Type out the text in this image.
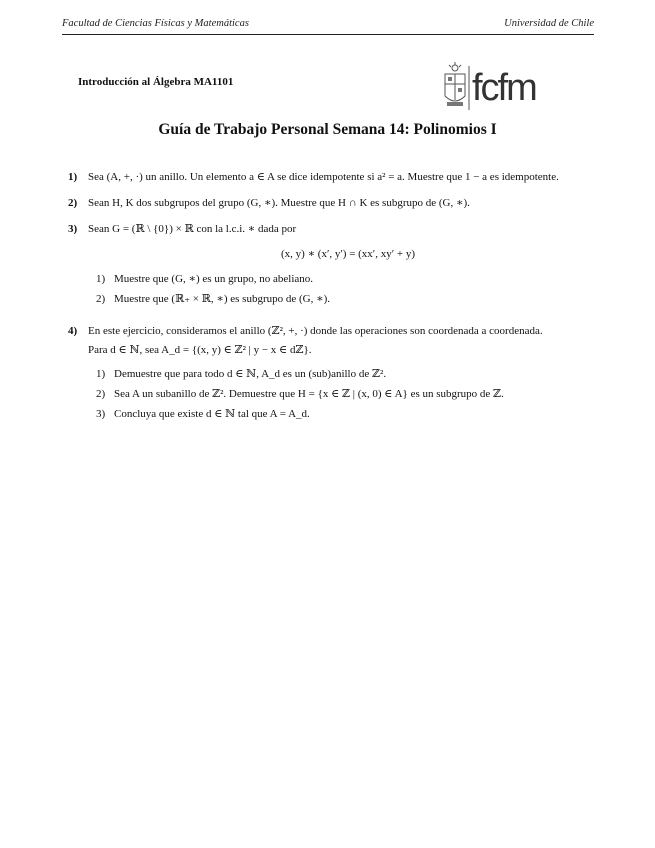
Facultad de Ciencias Físicas y Matemáticas	Universidad de Chile
Introducción al Álgebra MA1101	fcfm
Guía de Trabajo Personal Semana 14: Polinomios I
1) Sea (A, +, ·) un anillo. Un elemento a ∈ A se dice idempotente si a² = a. Muestre que 1 − a es idempotente.
2) Sean H, K dos subgrupos del grupo (G, ∗). Muestre que H ∩ K es subgrupo de (G, ∗).
3) Sean G = (ℝ \ {0}) × ℝ con la l.c.i. ∗ dada por
(x, y) ∗ (x′, y′) = (xx′, xy′ + y)
1) Muestre que (G, ∗) es un grupo, no abeliano.
2) Muestre que (ℝ₊ × ℝ, ∗) es subgrupo de (G, ∗).
4) En este ejercicio, consideramos el anillo (ℤ², +, ·) donde las operaciones son coordenada a coordenada.
Para d ∈ ℕ, sea A_d = {(x, y) ∈ ℤ² | y − x ∈ dℤ}.
1) Demuestre que para todo d ∈ ℕ, A_d es un (sub)anillo de ℤ².
2) Sea A un subanillo de ℤ². Demuestre que H = {x ∈ ℤ | (x, 0) ∈ A} es un subgrupo de ℤ.
3) Concluya que existe d ∈ ℕ tal que A = A_d.
